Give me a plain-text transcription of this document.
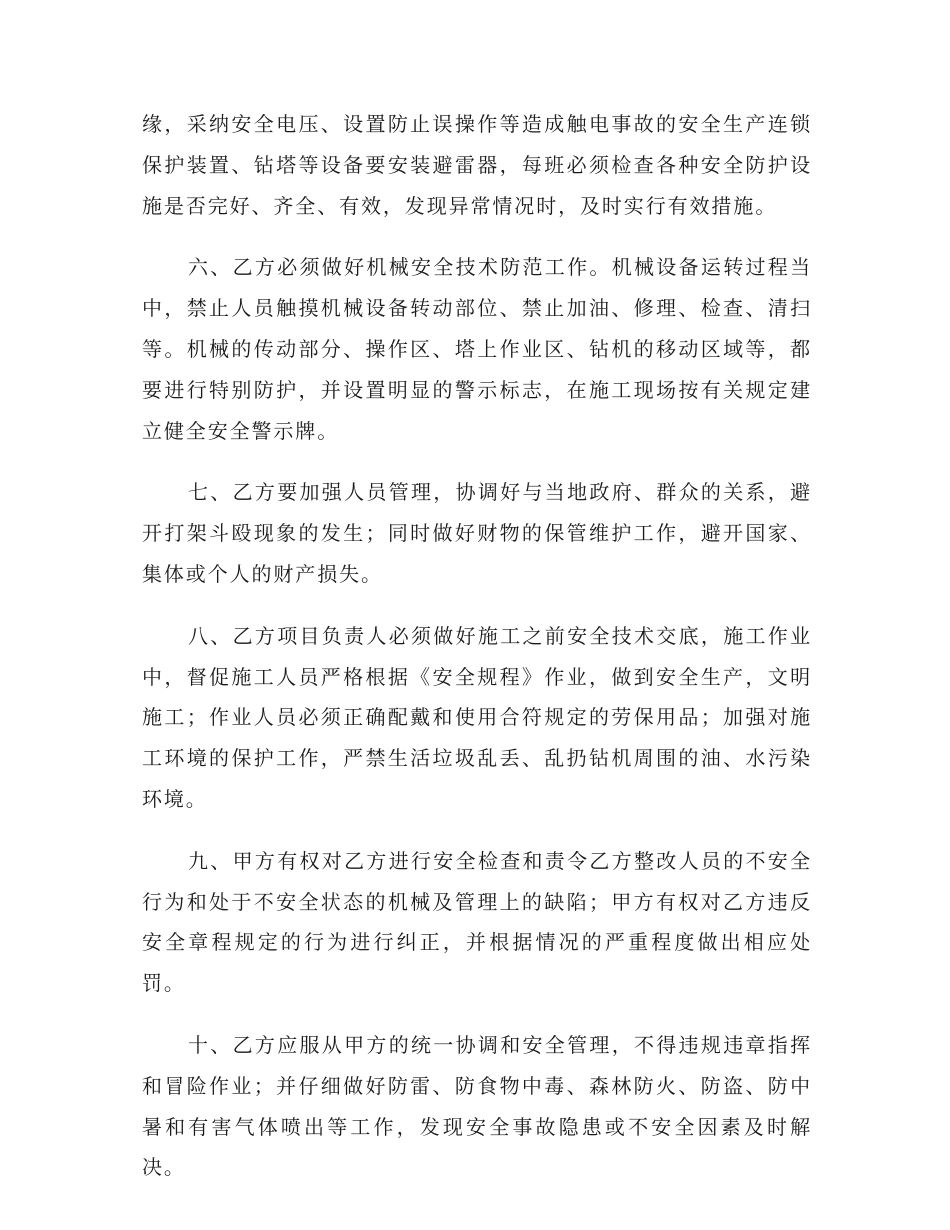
缘，采纳安全电压、设置防止误操作等造成触电事故的安全生产连锁保护装置、钻塔等设备要安装避雷器，每班必须检查各种安全防护设施是否完好、齐全、有效，发现异常情况时，及时实行有效措施。

六、乙方必须做好机械安全技术防范工作。机械设备运转过程当中，禁止人员触摸机械设备转动部位、禁止加油、修理、检查、清扫等。机械的传动部分、操作区、塔上作业区、钻机的移动区域等，都要进行特别防护，并设置明显的警示标志，在施工现场按有关规定建立健全安全警示牌。

七、乙方要加强人员管理，协调好与当地政府、群众的关系，避开打架斗殴现象的发生；同时做好财物的保管维护工作，避开国家、集体或个人的财产损失。

八、乙方项目负责人必须做好施工之前安全技术交底，施工作业中，督促施工人员严格根据《安全规程》作业，做到安全生产，文明施工；作业人员必须正确配戴和使用合符规定的劳保用品；加强对施工环境的保护工作，严禁生活垃圾乱丢、乱扔钻机周围的油、水污染环境。

九、甲方有权对乙方进行安全检查和责令乙方整改人员的不安全行为和处于不安全状态的机械及管理上的缺陷；甲方有权对乙方违反安全章程规定的行为进行纠正，并根据情况的严重程度做出相应处罚。

十、乙方应服从甲方的统一协调和安全管理，不得违规违章指挥和冒险作业；并仔细做好防雷、防食物中毒、森林防火、防盗、防中暑和有害气体喷出等工作，发现安全事故隐患或不安全因素及时解决。
